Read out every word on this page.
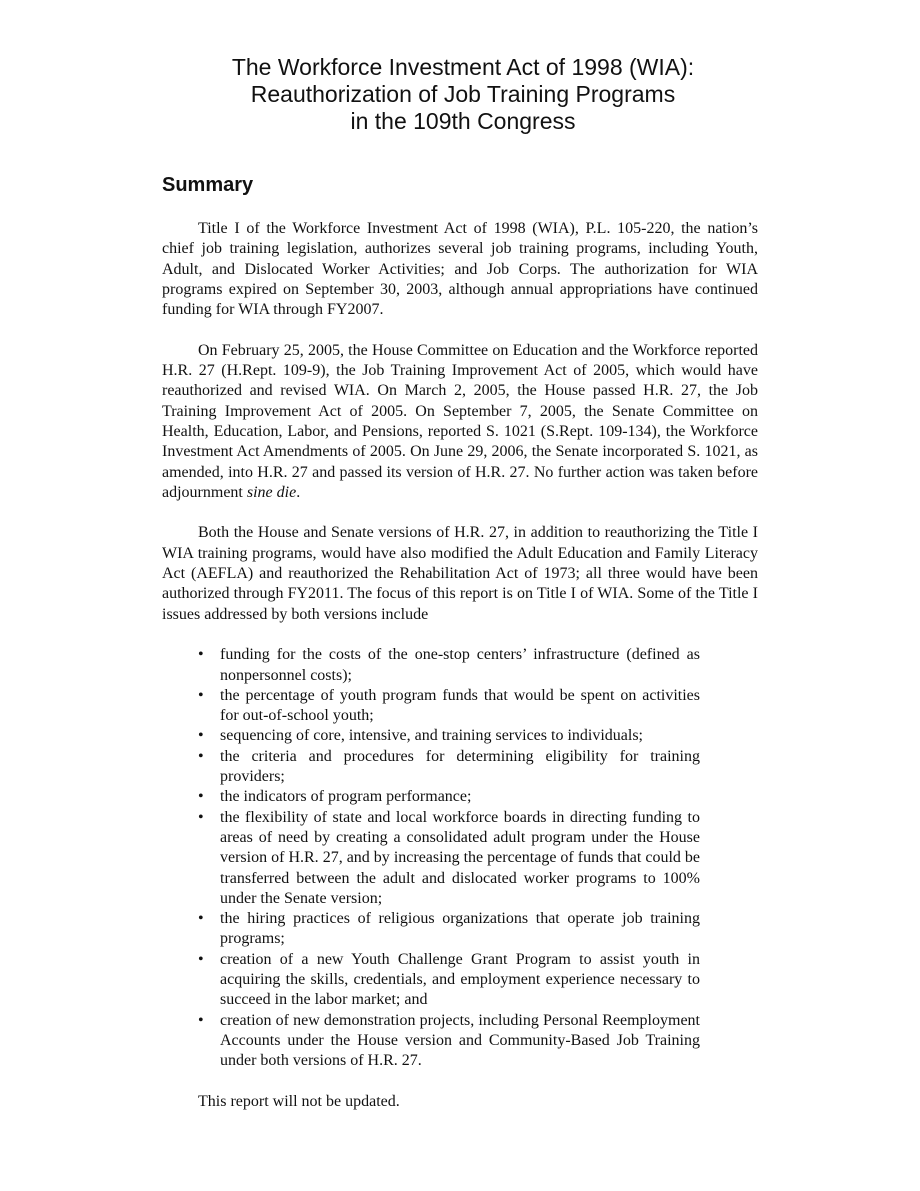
The Workforce Investment Act of 1998 (WIA):
Reauthorization of Job Training Programs
in the 109th Congress
Summary

Title I of the Workforce Investment Act of 1998 (WIA), P.L. 105-220, the nation’s chief job training legislation, authorizes several job training programs, including Youth, Adult, and Dislocated Worker Activities; and Job Corps. The authorization for WIA programs expired on September 30, 2003, although annual appropriations have continued funding for WIA through FY2007.

On February 25, 2005, the House Committee on Education and the Workforce reported H.R. 27 (H.Rept. 109-9), the Job Training Improvement Act of 2005, which would have reauthorized and revised WIA. On March 2, 2005, the House passed H.R. 27, the Job Training Improvement Act of 2005. On September 7, 2005, the Senate Committee on Health, Education, Labor, and Pensions, reported S. 1021 (S.Rept. 109-134), the Workforce Investment Act Amendments of 2005. On June 29, 2006, the Senate incorporated S. 1021, as amended, into H.R. 27 and passed its version of H.R. 27. No further action was taken before adjournment sine die.

Both the House and Senate versions of H.R. 27, in addition to reauthorizing the Title I WIA training programs, would have also modified the Adult Education and Family Literacy Act (AEFLA) and reauthorized the Rehabilitation Act of 1973; all three would have been authorized through FY2011. The focus of this report is on Title I of WIA. Some of the Title I issues addressed by both versions include

•	funding for the costs of the one-stop centers’ infrastructure (defined as nonpersonnel costs);
•	the percentage of youth program funds that would be spent on activities for out-of-school youth;
•	sequencing of core, intensive, and training services to individuals;
•	the criteria and procedures for determining eligibility for training providers;
•	the indicators of program performance;
•	the flexibility of state and local workforce boards in directing funding to areas of need by creating a consolidated adult program under the House version of H.R. 27, and by increasing the percentage of funds that could be transferred between the adult and dislocated worker programs to 100% under the Senate version;
•	the hiring practices of religious organizations that operate job training programs;
•	creation of a new Youth Challenge Grant Program to assist youth in acquiring the skills, credentials, and employment experience necessary to succeed in the labor market; and
•	creation of new demonstration projects, including Personal Reemployment Accounts under the House version and Community-Based Job Training under both versions of H.R. 27.

This report will not be updated.
